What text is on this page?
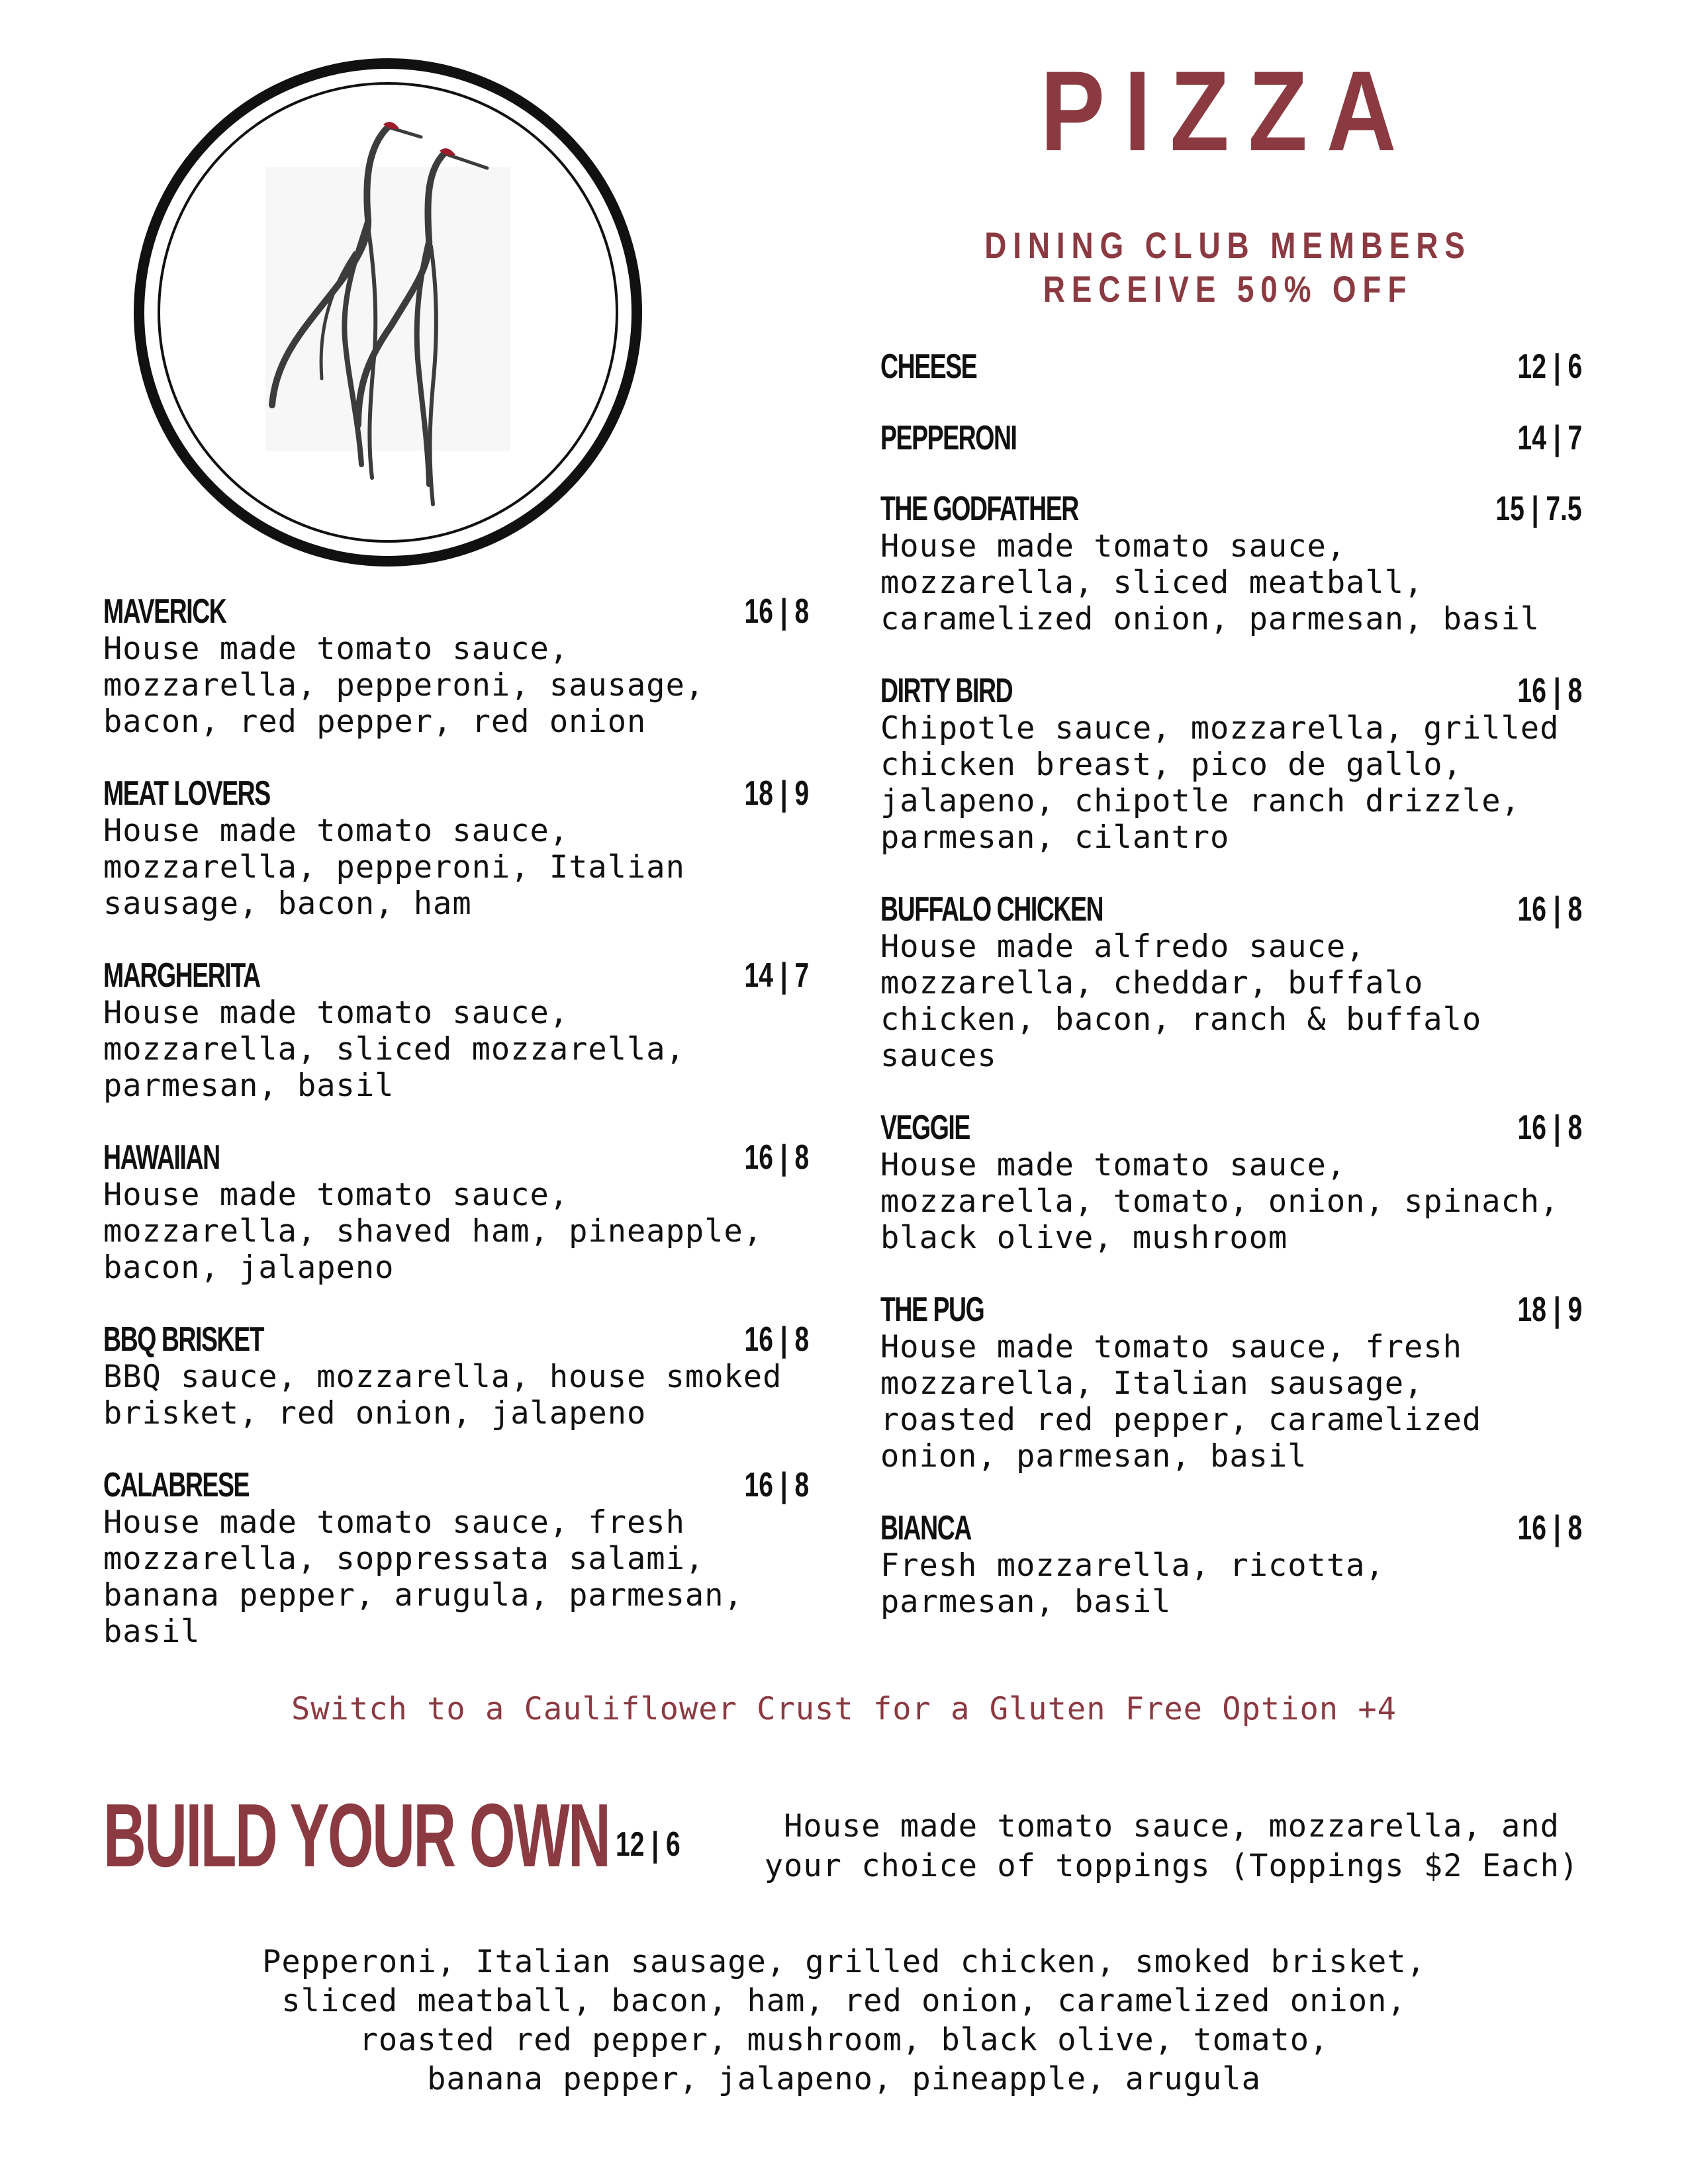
PIZZA
DINING CLUB MEMBERS
RECEIVE 50% OFF
MAVERICK	16 | 8
House made tomato sauce,
mozzarella, pepperoni, sausage,
bacon, red pepper, red onion
MEAT LOVERS	18 | 9
House made tomato sauce,
mozzarella, pepperoni, Italian
sausage, bacon, ham
MARGHERITA	14 | 7
House made tomato sauce,
mozzarella, sliced mozzarella,
parmesan, basil
HAWAIIAN	16 | 8
House made tomato sauce,
mozzarella, shaved ham, pineapple,
bacon, jalapeno
BBQ BRISKET	16 | 8
BBQ sauce, mozzarella, house smoked
brisket, red onion, jalapeno
CALABRESE	16 | 8
House made tomato sauce, fresh
mozzarella, soppressata salami,
banana pepper, arugula, parmesan,
basil
CHEESE	12 | 6
PEPPERONI	14 | 7
THE GODFATHER	15 | 7.5
House made tomato sauce,
mozzarella, sliced meatball,
caramelized onion, parmesan, basil
DIRTY BIRD	16 | 8
Chipotle sauce, mozzarella, grilled
chicken breast, pico de gallo,
jalapeno, chipotle ranch drizzle,
parmesan, cilantro
BUFFALO CHICKEN	16 | 8
House made alfredo sauce,
mozzarella, cheddar, buffalo
chicken, bacon, ranch & buffalo
sauces
VEGGIE	16 | 8
House made tomato sauce,
mozzarella, tomato, onion, spinach,
black olive, mushroom
THE PUG	18 | 9
House made tomato sauce, fresh
mozzarella, Italian sausage,
roasted red pepper, caramelized
onion, parmesan, basil
BIANCA	16 | 8
Fresh mozzarella, ricotta,
parmesan, basil
Switch to a Cauliflower Crust for a Gluten Free Option +4
BUILD YOUR OWN 12 | 6	House made tomato sauce, mozzarella, and
your choice of toppings (Toppings $2 Each)
Pepperoni, Italian sausage, grilled chicken, smoked brisket,
sliced meatball, bacon, ham, red onion, caramelized onion,
roasted red pepper, mushroom, black olive, tomato,
banana pepper, jalapeno, pineapple, arugula
